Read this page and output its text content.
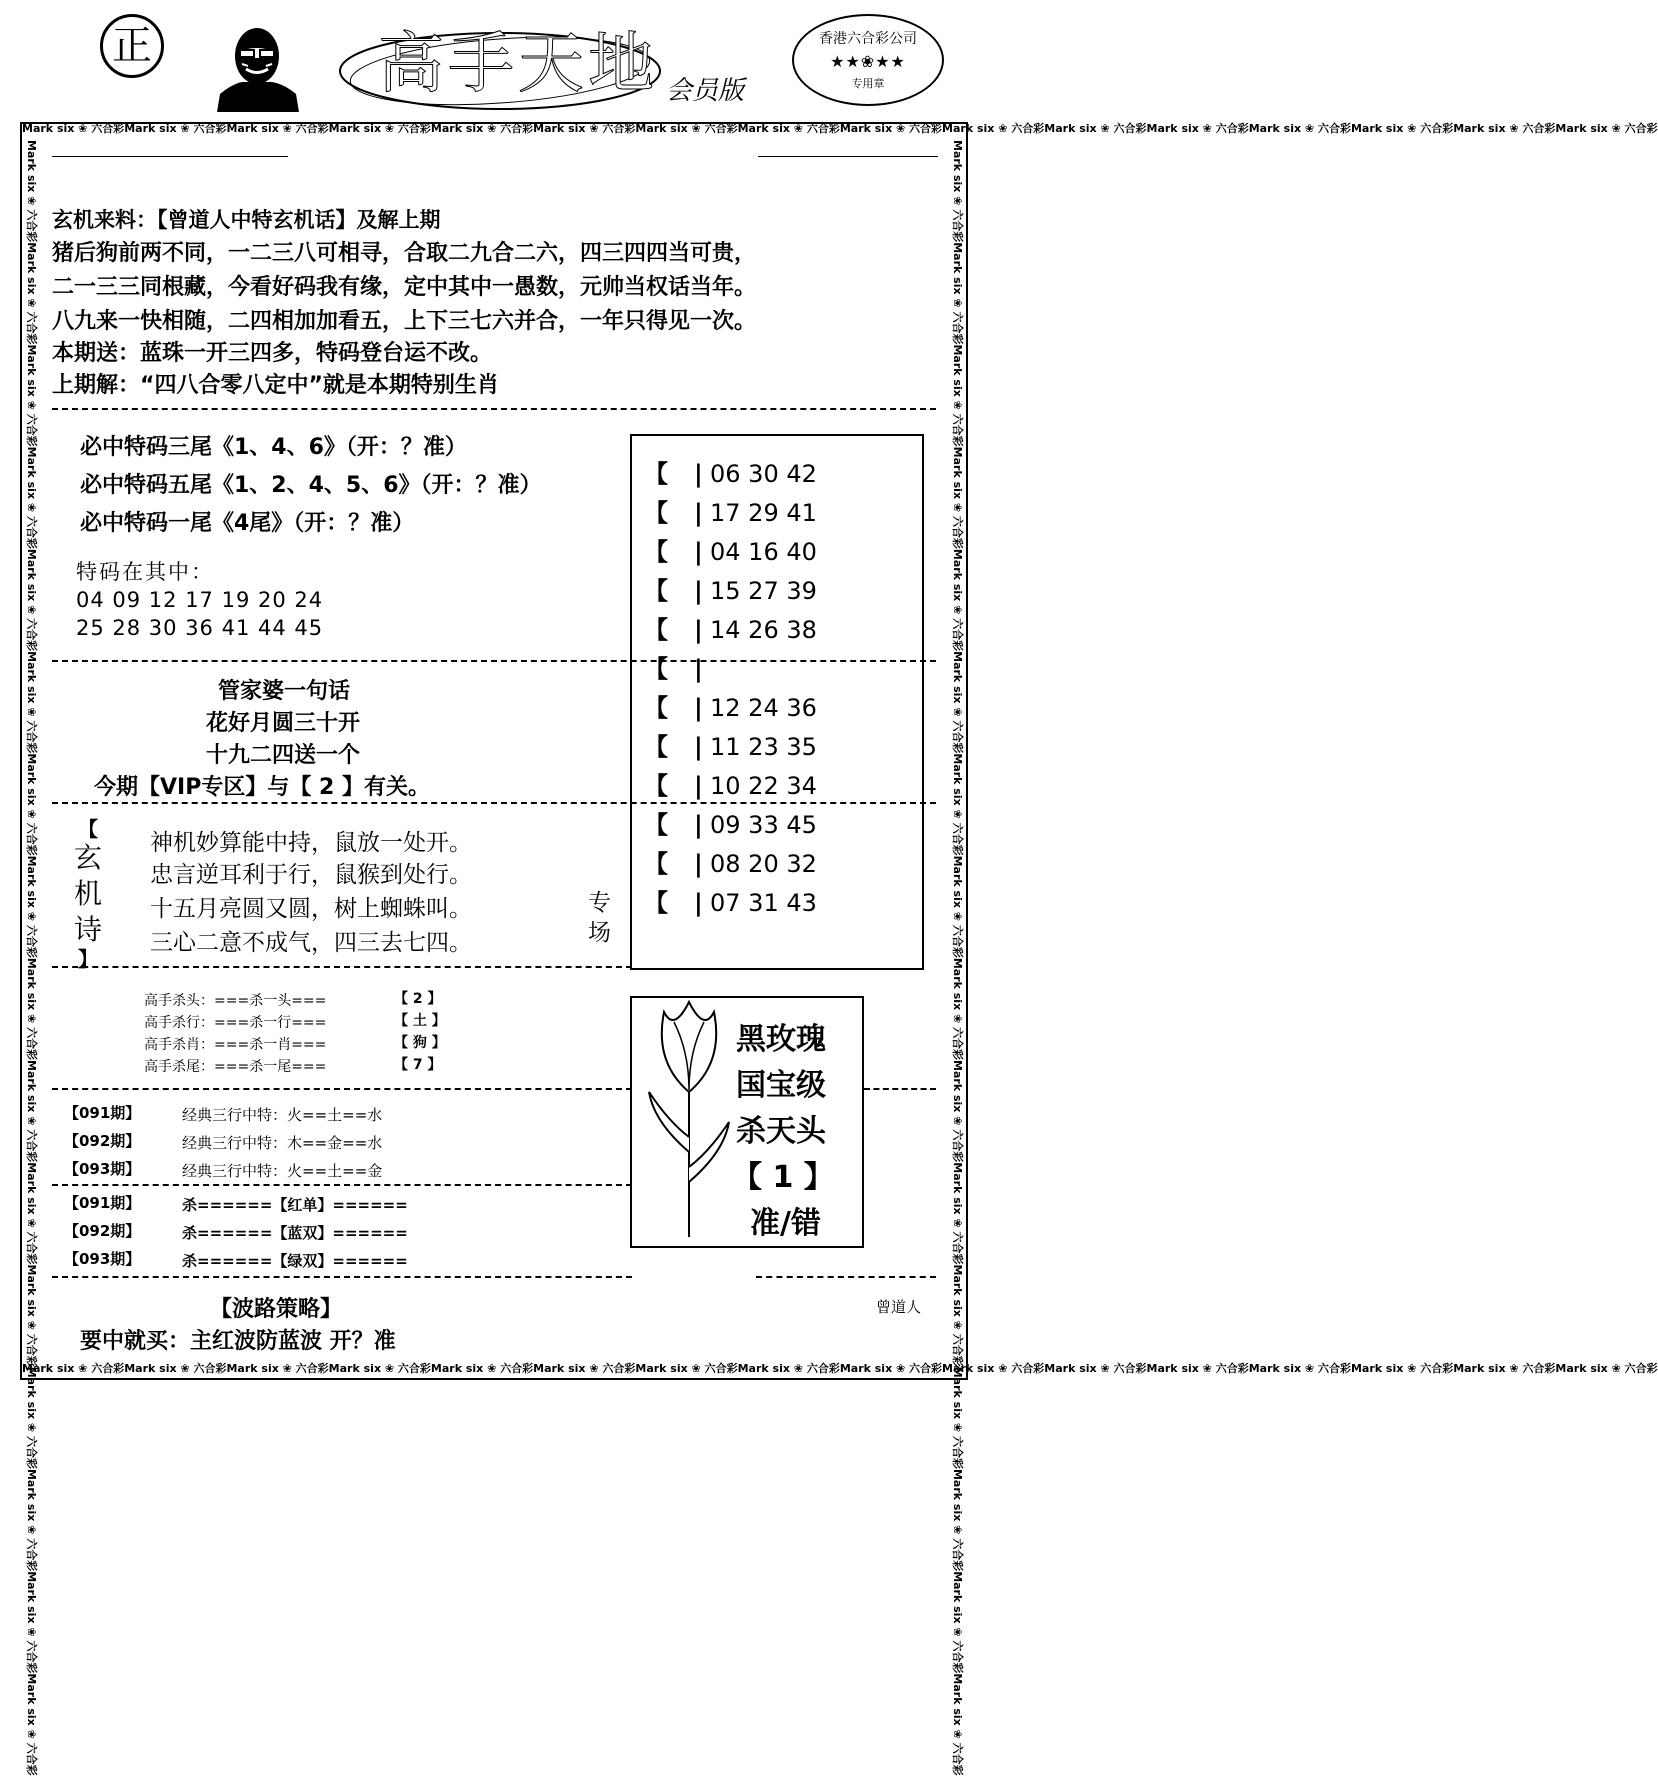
正	高手天地 会员版
香港六合彩公司
★★❀★★
专用章
Mark six ❀ 六合彩Mark six ❀ 六合彩Mark six ❀ 六合彩Mark six ❀ 六合彩Mark six ❀ 六合彩Mark six ❀ 六合彩Mark six ❀ 六合彩Mark six ❀ 六合彩Mark six ❀ 六合彩Mark six ❀ 六合彩Mark six ❀ 六合彩Mark six ❀ 六合彩Mark six ❀ 六合彩Mark six ❀ 六合彩Mark six ❀ 六合彩Mark six ❀ 六合彩
Mark six ❀ 六合彩Mark six ❀ 六合彩Mark six ❀ 六合彩Mark six ❀ 六合彩Mark six ❀ 六合彩Mark six ❀ 六合彩Mark six ❀ 六合彩Mark six ❀ 六合彩Mark six ❀ 六合彩Mark six ❀ 六合彩Mark six ❀ 六合彩Mark six ❀ 六合彩Mark six ❀ 六合彩Mark six ❀ 六合彩Mark six ❀ 六合彩Mark six ❀ 六合彩
Mark six ❀ 六合彩Mark six ❀ 六合彩Mark six ❀ 六合彩Mark six ❀ 六合彩Mark six ❀ 六合彩Mark six ❀ 六合彩Mark six ❀ 六合彩Mark six ❀ 六合彩Mark six ❀ 六合彩Mark six ❀ 六合彩Mark six ❀ 六合彩Mark six ❀ 六合彩Mark six ❀ 六合彩Mark six ❀ 六合彩Mark six ❀ 六合彩Mark six ❀ 六合彩	Mark six ❀ 六合彩Mark six ❀ 六合彩Mark six ❀ 六合彩Mark six ❀ 六合彩Mark six ❀ 六合彩Mark six ❀ 六合彩Mark six ❀ 六合彩Mark six ❀ 六合彩Mark six ❀ 六合彩Mark six ❀ 六合彩Mark six ❀ 六合彩Mark six ❀ 六合彩Mark six ❀ 六合彩Mark six ❀ 六合彩Mark six ❀ 六合彩Mark six ❀ 六合彩
玄机来料：【曾道人中特玄机话】及解上期
猪后狗前两不同，一二三八可相寻，合取二九合二六，四三四四当可贵，
二一三三同根藏，今看好码我有缘，定中其中一愚数，元帅当权话当年。
八九来一快相随，二四相加加看五，上下三七六并合，一年只得见一次。
本期送：蓝珠一开三四多，特码登台运不改。
上期解：“四八合零八定中”就是本期特别生肖
必中特码三尾《1、4、6》（开：？准）
必中特码五尾《1、2、4、5、6》（开：？准）
必中特码一尾《4尾》（开：？准）
特码在其中：
04 09 12 17 19 20 24
25 28 30 36 41 44 45
管家婆一句话
花好月圆三十开
十九二四送一个
今期【VIP专区】与【 2 】有关。
【
玄
机
诗
】
神机妙算能中持，鼠放一处开。
忠言逆耳利于行，鼠猴到处行。
十五月亮圆又圆，树上蜘蛛叫。
三心二意不成气，四三去七四。
专场
【 | 06 30 42
【 | 17 29 41
【 | 04 16 40
【 | 15 27 39
【 | 14 26 38
【 |
【 | 12 24 36
【 | 11 23 35
【 | 10 22 34
【 | 09 33 45
【 | 08 20 32
【 | 07 31 43
高手杀头：===杀一头===	【 2 】
高手杀行：===杀一行===	【 土 】
高手杀肖：===杀一肖===	【 狗 】
高手杀尾：===杀一尾===	【 7 】
黑玫瑰
国宝级
杀天头
【 1 】
准/错
【091期】	经典三行中特：火==土==水
【092期】	经典三行中特：木==金==水
【093期】	经典三行中特：火==土==金
【091期】	杀======【红单】======
【092期】	杀======【蓝双】======
【093期】	杀======【绿双】======
【波路策略】
要中就买：主红波防蓝波 开？准
曾道人
